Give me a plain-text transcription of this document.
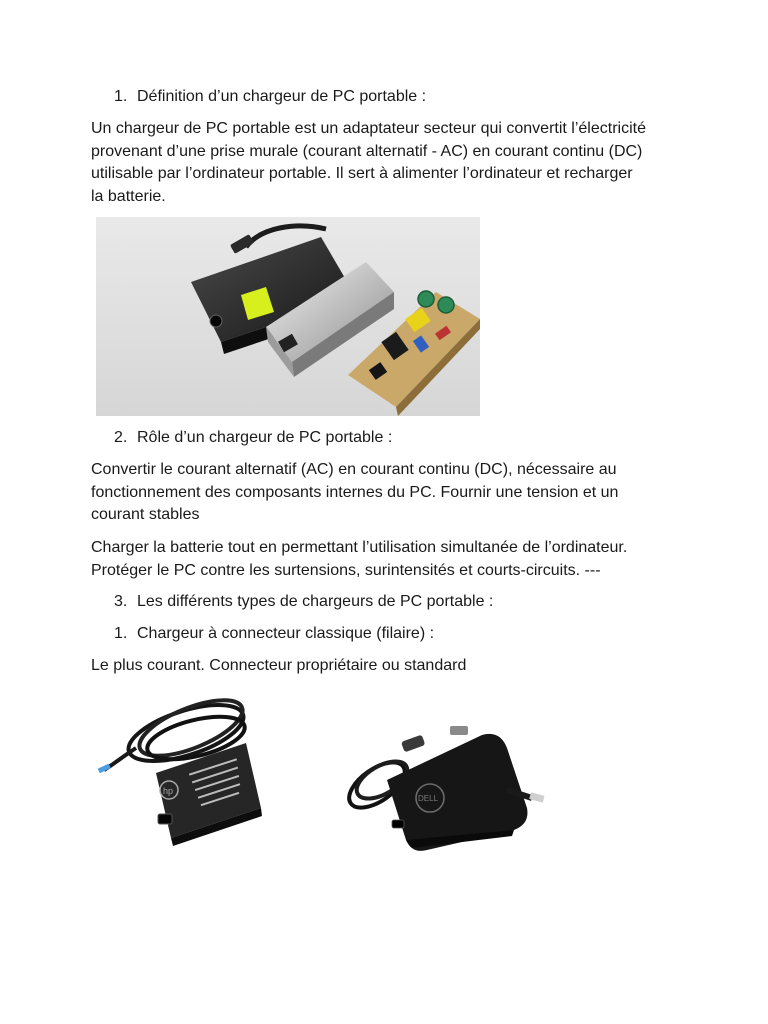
1. Définition d’un chargeur de PC portable :

Un chargeur de PC portable est un adaptateur secteur qui convertit l’électricité

provenant d’une prise murale (courant alternatif - AC) en courant continu (DC)

utilisable par l’ordinateur portable. Il sert à alimenter l’ordinateur et recharger

la batterie.

2. Rôle d’un chargeur de PC portable :

Convertir le courant alternatif (AC) en courant continu (DC), nécessaire au

fonctionnement des composants internes du PC. Fournir une tension et un

courant stables

Charger la batterie tout en permettant l’utilisation simultanée de l’ordinateur.

Protéger le PC contre les surtensions, surintensités et courts-circuits. ---

3. Les différents types de chargeurs de PC portable :
1. Chargeur à connecteur classique (filaire) :
Le plus courant. Connecteur propriétaire ou standard
hp
DELL
